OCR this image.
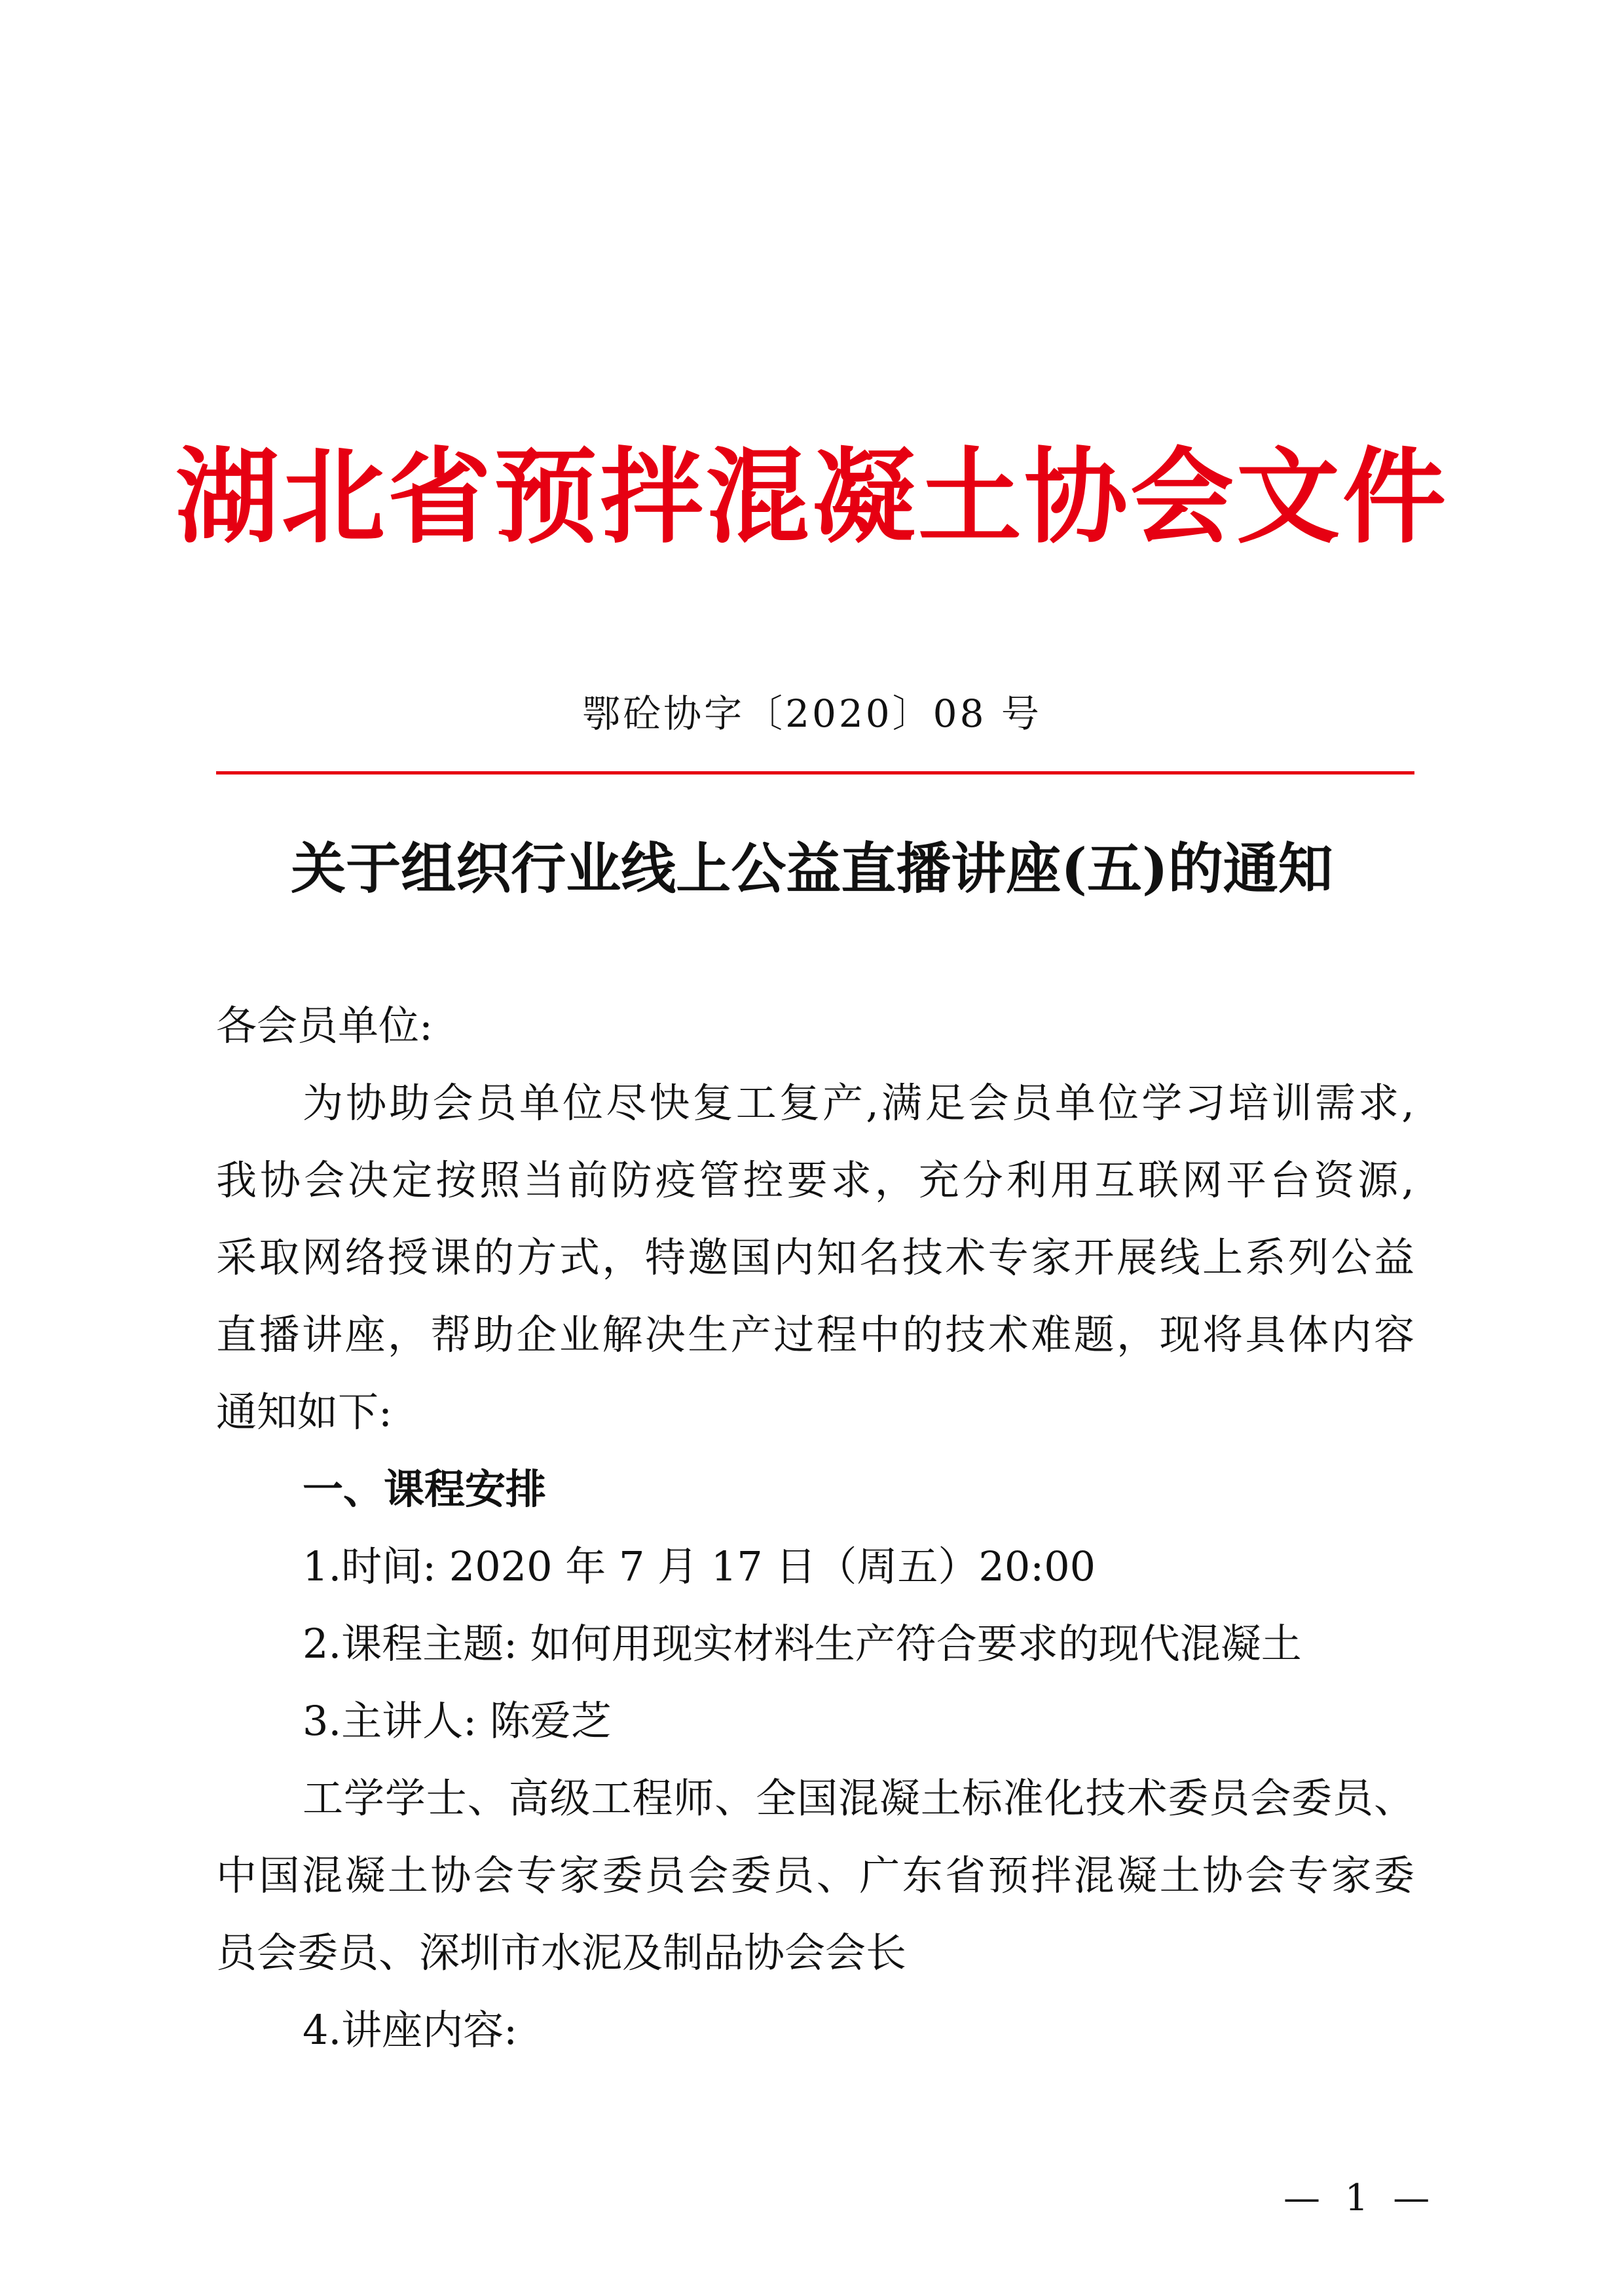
湖北省预拌混凝土协会文件
鄂砼协字〔2020〕08 号
关于组织行业线上公益直播讲座(五)的通知
各会员单位:
为协助会员单位尽快复工复产,满足会员单位学习培训需求,
我协会决定按照当前防疫管控要求，充分利用互联网平台资源,
采取网络授课的方式，特邀国内知名技术专家开展线上系列公益
直播讲座，帮助企业解决生产过程中的技术难题，现将具体内容
通知如下:
一、课程安排
1.时间: 2020 年 7 月 17 日（周五）20:00
2.课程主题: 如何用现实材料生产符合要求的现代混凝土
3.主讲人: 陈爱芝
工学学士、高级工程师、全国混凝土标准化技术委员会委员、
中国混凝土协会专家委员会委员、广东省预拌混凝土协会专家委
员会委员、深圳市水泥及制品协会会长
4.讲座内容:
— 1 —
